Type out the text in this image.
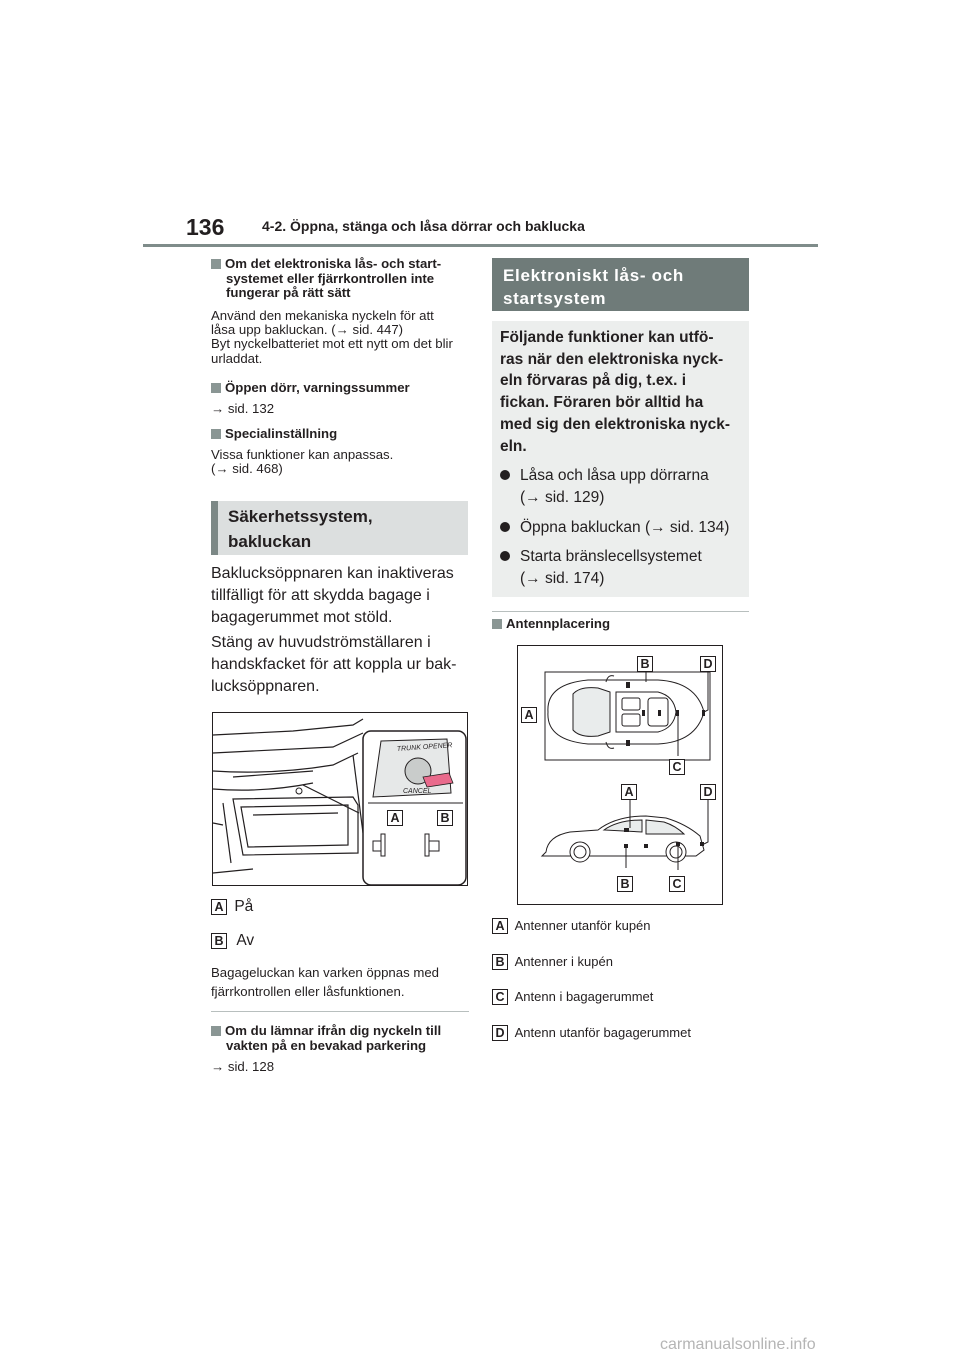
136	4-2. Öppna, stänga och låsa dörrar och baklucka
Om det elektroniska lås- och start-systemet eller fjärrkontrollen inte fungerar på rätt sätt
Använd den mekaniska nyckeln för att
låsa upp bakluckan. (→ sid. 447)
Byt nyckelbatteriet mot ett nytt om det blir
urladdat.
Öppen dörr, varningssummer
→ sid. 132
Specialinställning
Vissa funktioner kan anpassas.
(→ sid. 468)
Säkerhetssystem,
bakluckan
Baklucksöppnaren kan inaktiveras
tillfälligt för att skydda bagage i
bagagerummet mot stöld.
Stäng av huvudströmställaren i
handskfacket för att koppla ur bak-
lucksöppnaren.
TRUNK OPENER
CANCEL
A	B
A På
B Av
Bagageluckan kan varken öppnas med
fjärrkontrollen eller låsfunktionen.
Om du lämnar ifrån dig nyckeln till
vakten på en bevakad parkering
→ sid. 128
Elektroniskt lås- och
startsystem
Följande funktioner kan utfö-
ras när den elektroniska nyck-
eln förvaras på dig, t.ex. i
fickan. Föraren bör alltid ha
med sig den elektroniska nyck-
eln.
Låsa och låsa upp dörrarna
(→ sid. 129)
Öppna bakluckan (→ sid. 134)
Starta bränslecellsystemet
(→ sid. 174)
Antennplacering
B	D
A
C
A	D
B	C
A Antenner utanför kupén
B Antenner i kupén
C Antenn i bagagerummet
D Antenn utanför bagagerummet
carmanualsonline.info
